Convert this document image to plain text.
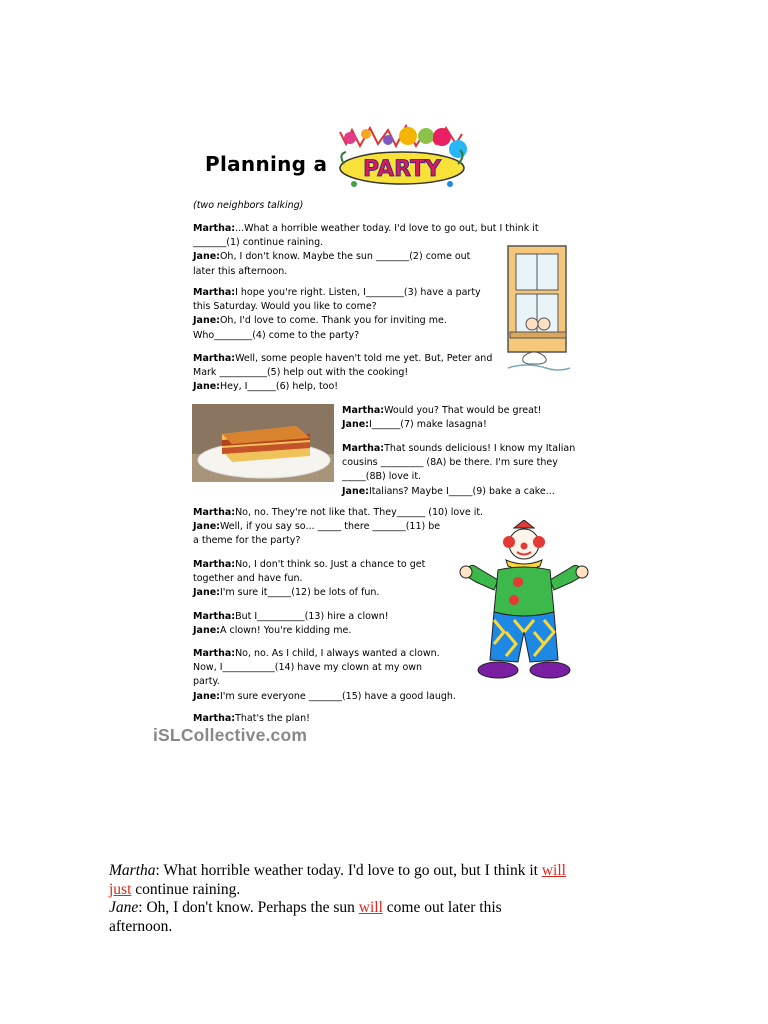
Planning a PARTY
(two neighbors talking)

Martha:...What a horrible weather today. I'd love to go out, but I think it

_______(1) continue raining.

Jane:Oh, I don't know. Maybe the sun _______(2) come out

later this afternoon.

Martha:I hope you're right. Listen, I________(3) have a party

this Saturday. Would you like to come?

Jane:Oh, I'd love to come. Thank you for inviting me.

Who________(4) come to the party?

Martha:Well, some people haven't told me yet. But, Peter and

Mark __________(5) help out with the cooking!

Jane:Hey, I______(6) help, too!

Martha:Would you? That would be great!

Jane:I______(7) make lasagna!

Martha:That sounds delicious! I know my Italian

cousins _________ (8A) be there. I'm sure they

_____(8B) love it.

Jane:Italians? Maybe I_____(9) bake a cake...

Martha:No, no. They're not like that. They______ (10) love it.

Jane:Well, if you say so... _____ there _______(11) be

a theme for the party?

Martha:No, I don't think so. Just a chance to get

together and have fun.

Jane:I'm sure it_____(12) be lots of fun.

Martha:But I__________(13) hire a clown!

Jane:A clown! You're kidding me.

Martha:No, no. As I child, I always wanted a clown.

Now, I___________(14) have my clown at my own

party.

Jane:I'm sure everyone _______(15) have a good laugh.

Martha:That's the plan!

iSLCollective.com
Martha: What horrible weather today. I'd love to go out, but I think it will
just continue raining.
Jane: Oh, I don't know. Perhaps the sun will come out later this
afternoon.
